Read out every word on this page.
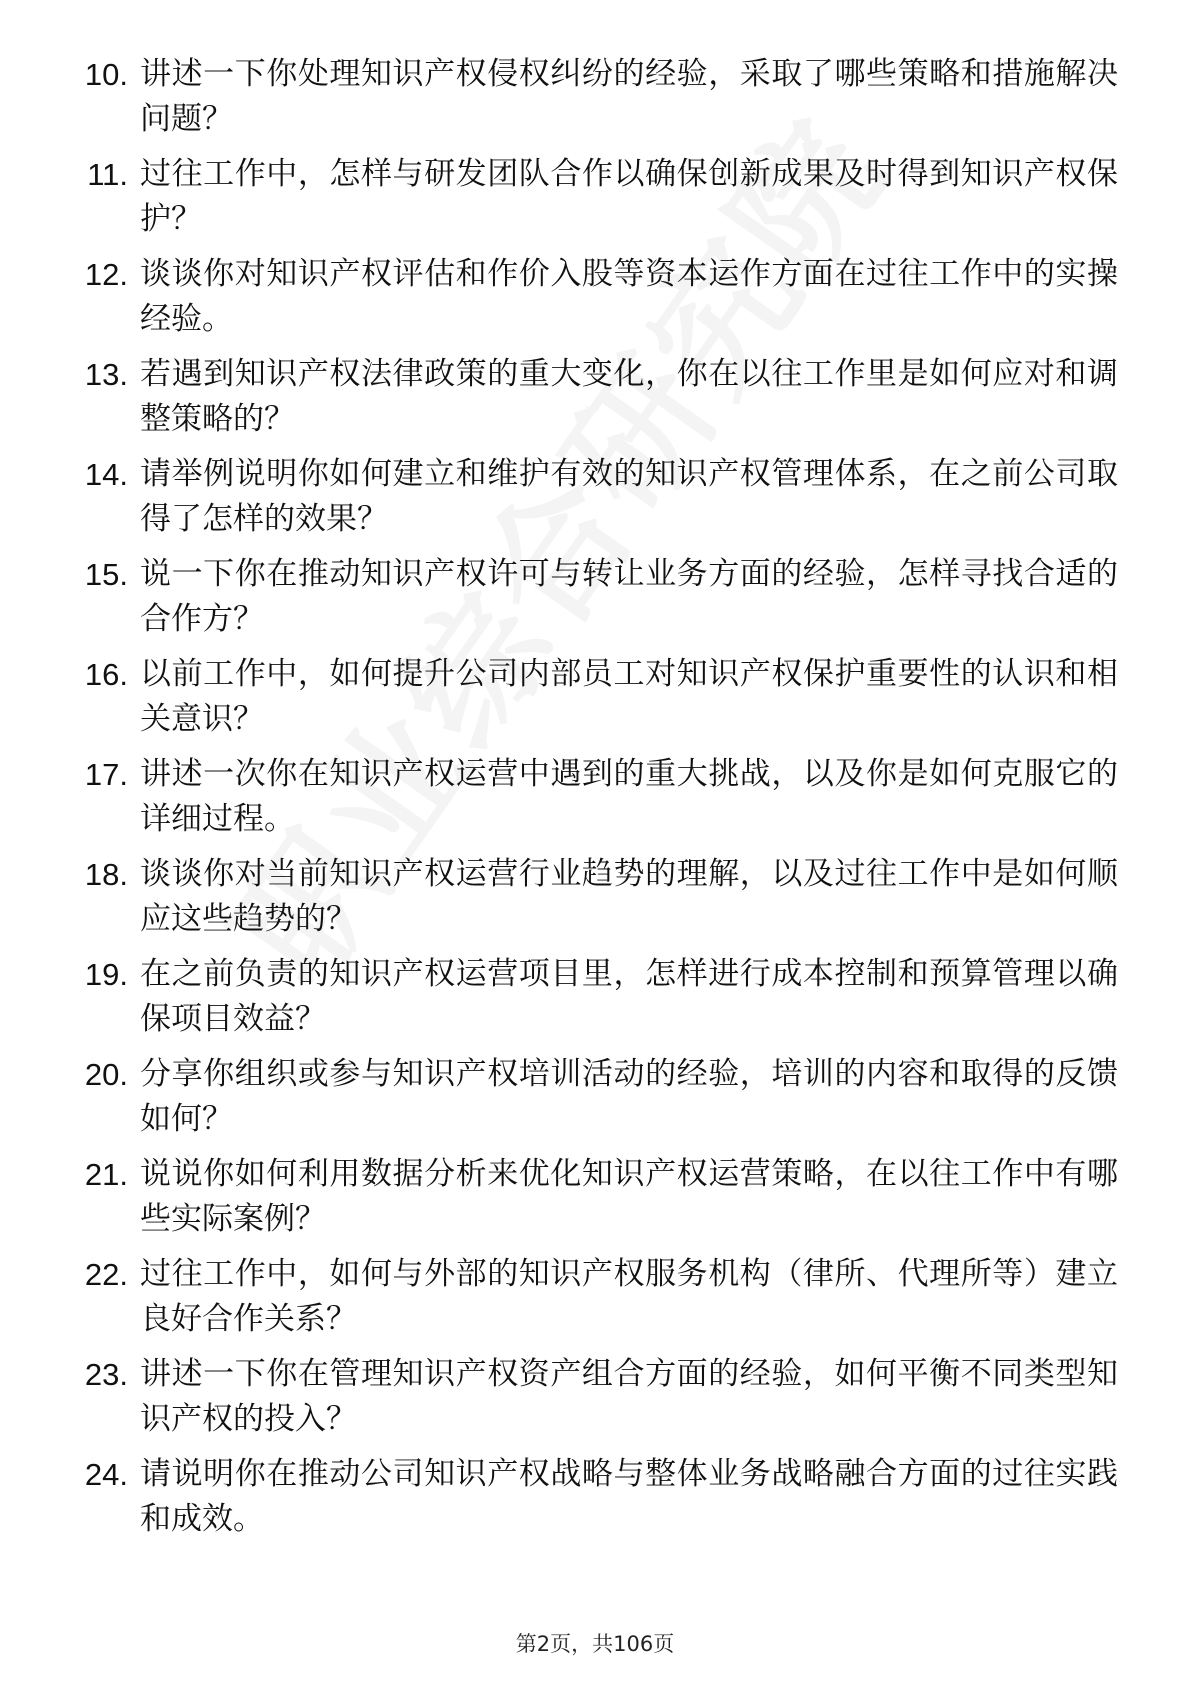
10. 讲述一下你处理知识产权侵权纠纷的经验，采取了哪些策略和措施解决问题？
11. 过往工作中，怎样与研发团队合作以确保创新成果及时得到知识产权保护？
12. 谈谈你对知识产权评估和作价入股等资本运作方面在过往工作中的实操经验。
13. 若遇到知识产权法律政策的重大变化，你在以往工作里是如何应对和调整策略的？
14. 请举例说明你如何建立和维护有效的知识产权管理体系，在之前公司取得了怎样的效果？
15. 说一下你在推动知识产权许可与转让业务方面的经验，怎样寻找合适的合作方？
16. 以前工作中，如何提升公司内部员工对知识产权保护重要性的认识和相关意识？
17. 讲述一次你在知识产权运营中遇到的重大挑战，以及你是如何克服它的详细过程。
18. 谈谈你对当前知识产权运营行业趋势的理解，以及过往工作中是如何顺应这些趋势的？
19. 在之前负责的知识产权运营项目里，怎样进行成本控制和预算管理以确保项目效益？
20. 分享你组织或参与知识产权培训活动的经验，培训的内容和取得的反馈如何？
21. 说说你如何利用数据分析来优化知识产权运营策略，在以往工作中有哪些实际案例？
22. 过往工作中，如何与外部的知识产权服务机构（律所、代理所等）建立良好合作关系？
23. 讲述一下你在管理知识产权资产组合方面的经验，如何平衡不同类型知识产权的投入？
24. 请说明你在推动公司知识产权战略与整体业务战略融合方面的过往实践和成效。
第2页，共106页
